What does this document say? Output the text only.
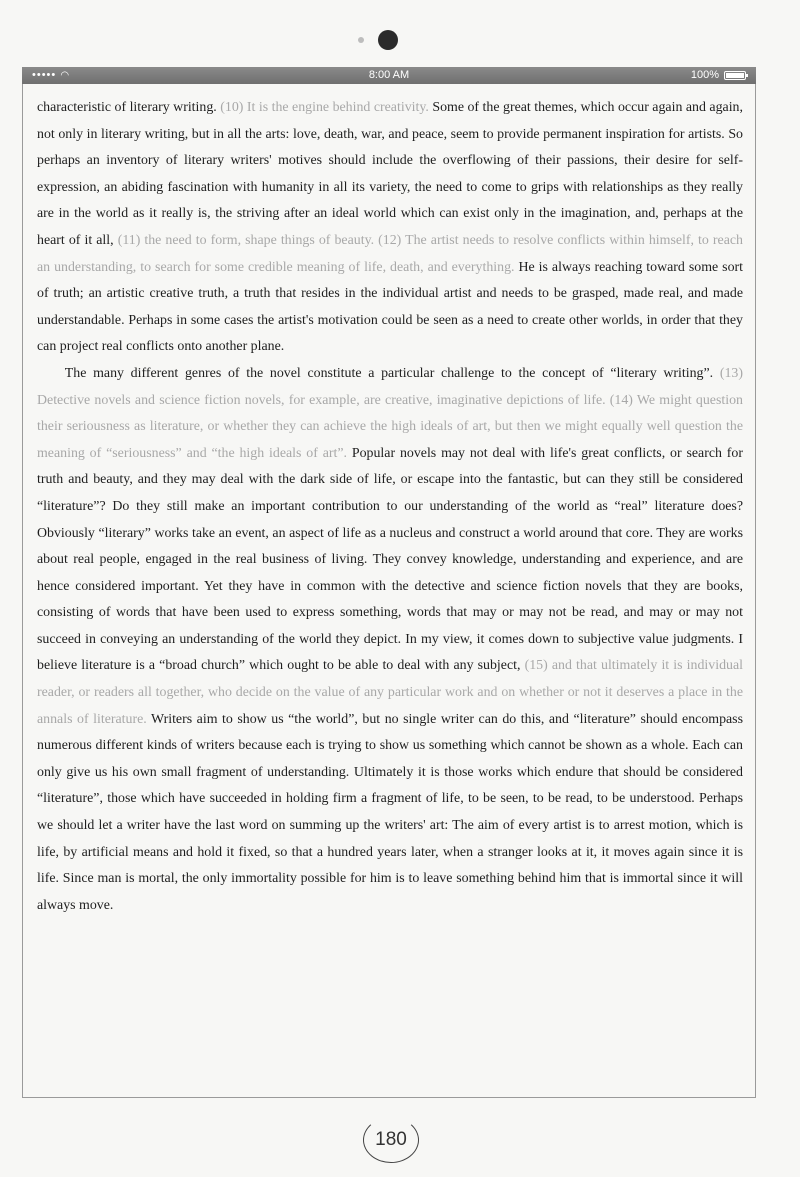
••••• ◠	8:00 AM	100%

characteristic of literary writing. (10) It is the engine behind creativity. Some of the great themes, which occur again and again, not only in literary writing, but in all the arts: love, death, war, and peace, seem to provide permanent inspiration for artists. So perhaps an inventory of literary writers' motives should include the overflowing of their passions, their desire for self-expression, an abiding fascination with humanity in all its variety, the need to come to grips with relationships as they really are in the world as it really is, the striving after an ideal world which can exist only in the imagination, and, perhaps at the heart of it all, (11) the need to form, shape things of beauty. (12) The artist needs to resolve conflicts within himself, to reach an understanding, to search for some credible meaning of life, death, and everything. He is always reaching toward some sort of truth; an artistic creative truth, a truth that resides in the individual artist and needs to be grasped, made real, and made understandable. Perhaps in some cases the artist's motivation could be seen as a need to create other worlds, in order that they can project real conflicts onto another plane.

The many different genres of the novel constitute a particular challenge to the concept of “literary writing”. (13) Detective novels and science fiction novels, for example, are creative, imaginative depictions of life. (14) We might question their seriousness as literature, or whether they can achieve the high ideals of art, but then we might equally well question the meaning of “seriousness” and “the high ideals of art”. Popular novels may not deal with life's great conflicts, or search for truth and beauty, and they may deal with the dark side of life, or escape into the fantastic, but can they still be considered “literature”? Do they still make an important contribution to our understanding of the world as “real” literature does? Obviously “literary” works take an event, an aspect of life as a nucleus and construct a world around that core. They are works about real people, engaged in the real business of living. They convey knowledge, understanding and experience, and are hence considered important. Yet they have in common with the detective and science fiction novels that they are books, consisting of words that have been used to express something, words that may or may not be read, and may or may not succeed in conveying an understanding of the world they depict. In my view, it comes down to subjective value judgments. I believe literature is a “broad church” which ought to be able to deal with any subject, (15) and that ultimately it is individual reader, or readers all together, who decide on the value of any particular work and on whether or not it deserves a place in the annals of literature. Writers aim to show us “the world”, but no single writer can do this, and “literature” should encompass numerous different kinds of writers because each is trying to show us something which cannot be shown as a whole. Each can only give us his own small fragment of understanding. Ultimately it is those works which endure that should be considered “literature”, those which have succeeded in holding firm a fragment of life, to be seen, to be read, to be understood. Perhaps we should let a writer have the last word on summing up the writers' art: The aim of every artist is to arrest motion, which is life, by artificial means and hold it fixed, so that a hundred years later, when a stranger looks at it, it moves again since it is life. Since man is mortal, the only immortality possible for him is to leave something behind him that is immortal since it will always move.

180
